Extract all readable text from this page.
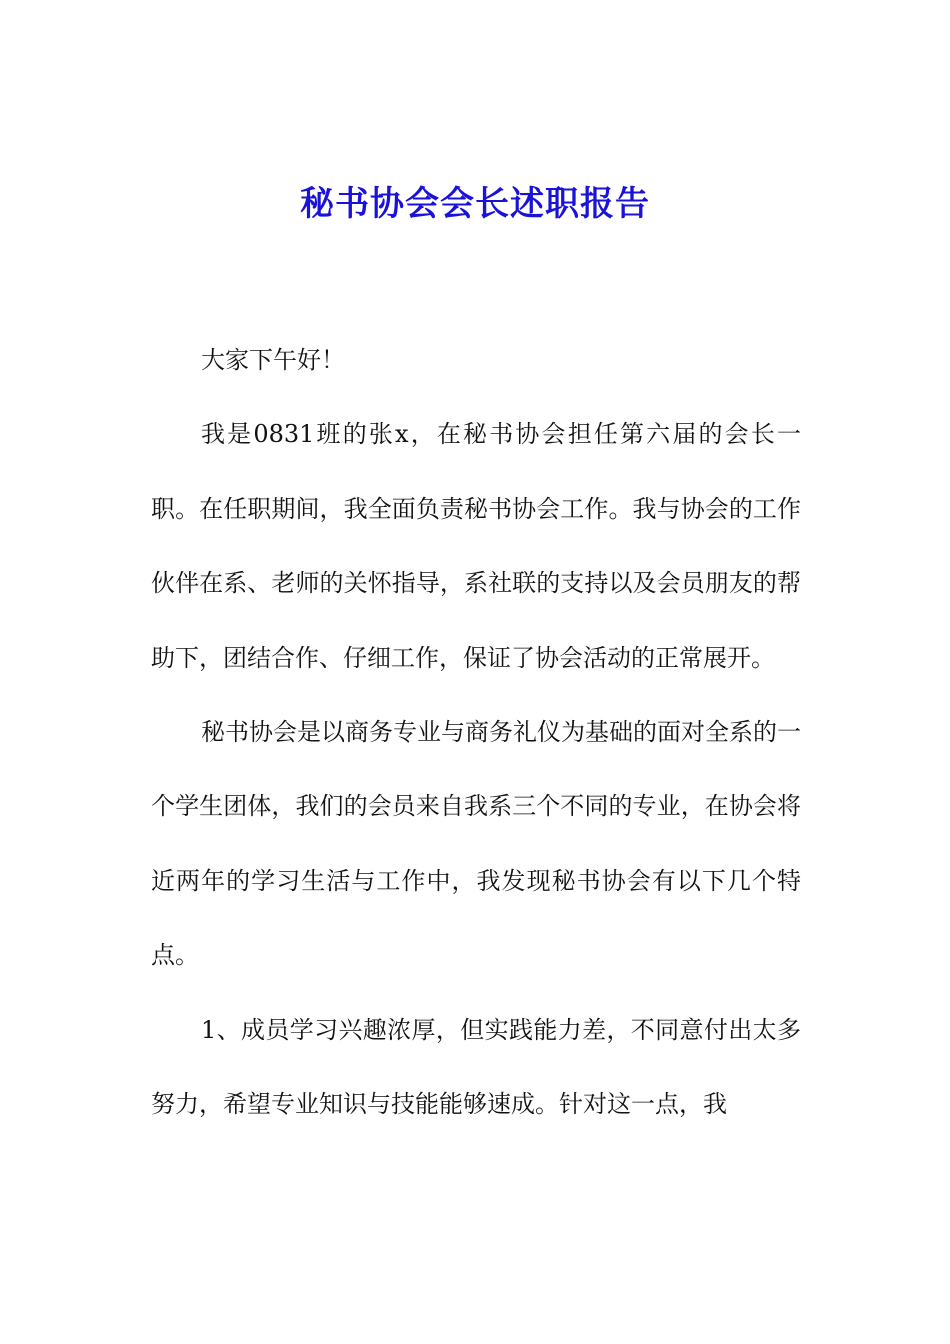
秘书协会会长述职报告

大家下午好！

我是0831班的张x，在秘书协会担任第六届的会长一职。在任职期间，我全面负责秘书协会工作。我与协会的工作伙伴在系、老师的关怀指导，系社联的支持以及会员朋友的帮助下，团结合作、仔细工作，保证了协会活动的正常展开。

秘书协会是以商务专业与商务礼仪为基础的面对全系的一个学生团体，我们的会员来自我系三个不同的专业，在协会将近两年的学习生活与工作中，我发现秘书协会有以下几个特点。

1、成员学习兴趣浓厚，但实践能力差，不同意付出太多努力，希望专业知识与技能能够速成。针对这一点，我
